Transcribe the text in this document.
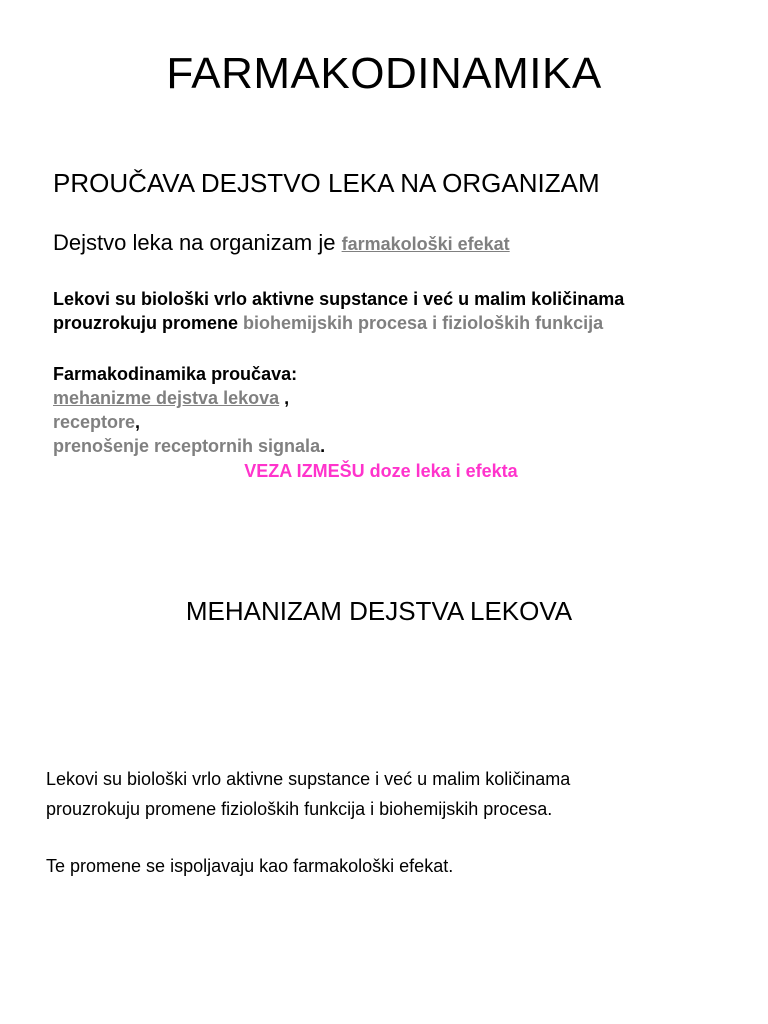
FARMAKODINAMIKA
PROUČAVA DEJSTVO LEKA NA ORGANIZAM
Dejstvo leka na organizam je farmakološki efekat
Lekovi su biološki vrlo aktivne supstance i već u malim količinama
prouzrokuju promene biohemijskih procesa i fizioloških funkcija
Farmakodinamika proučava:
mehanizme dejstva lekova ,
receptore,
prenošenje receptornih signala.
VEZA IZMEŠU doze leka i efekta
MEHANIZAM DEJSTVA LEKOVA
Lekovi su biološki vrlo aktivne supstance i već u malim količinama
prouzrokuju promene fizioloških funkcija i biohemijskih procesa.
Te promene se ispoljavaju kao farmakološki efekat.
